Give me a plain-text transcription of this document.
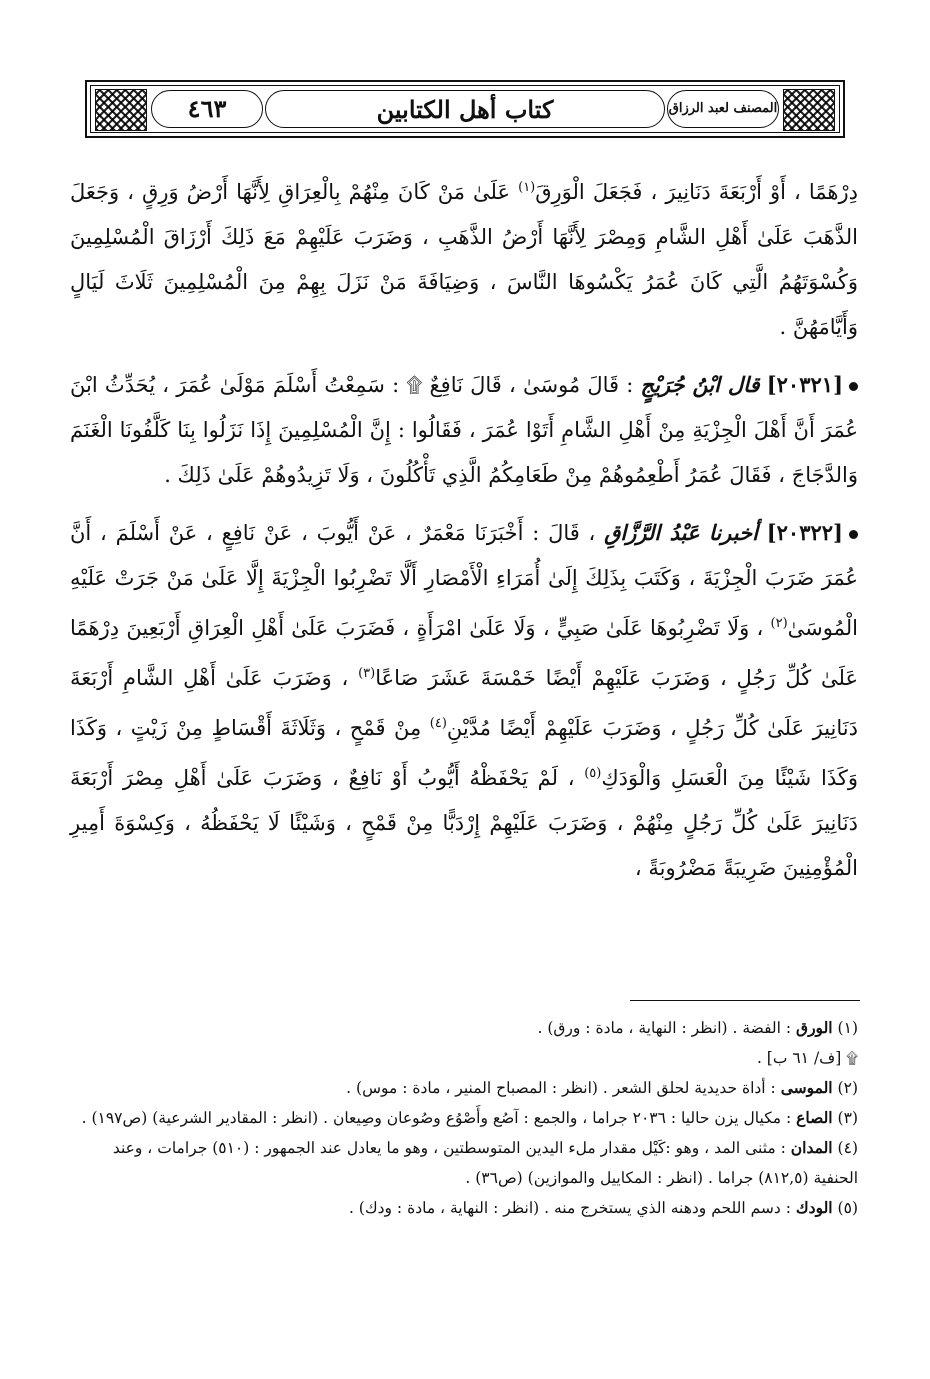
المصنف لعبد الرزاق
كتاب أهل الكتابين
٤٦٣

دِرْهَمًا ، أَوْ أَرْبَعَةَ دَنَانِيرَ ، فَجَعَلَ الْوَرِقَ$^{(١)}$ عَلَىٰ مَنْ كَانَ مِنْهُمْ بِالْعِرَاقِ لِأَنَّهَا أَرْضُ وَرِقٍ ، وَجَعَلَ الذَّهَبَ عَلَىٰ أَهْلِ الشَّامِ وَمِصْرَ لِأَنَّهَا أَرْضُ الذَّهَبِ ، وَضَرَبَ عَلَيْهِمْ مَعَ ذَلِكَ أَرْزَاقَ الْمُسْلِمِينَ وَكُسْوَتَهُمُ الَّتِي كَانَ عُمَرُ يَكْسُوهَا النَّاسَ ، وَضِيَافَةَ مَنْ نَزَلَ بِهِمْ مِنَ الْمُسْلِمِينَ ثَلَاثَ لَيَالٍ وَأَيَّامَهُنَّ .

[٢٠٣٢١] قال ابْنُ جُرَيْجٍ : قَالَ مُوسَىٰ ، قَالَ نَافِعٌ ۩ : سَمِعْتُ أَسْلَمَ مَوْلَىٰ عُمَرَ ، يُحَدِّثُ ابْنَ عُمَرَ أَنَّ أَهْلَ الْجِزْيَةِ مِنْ أَهْلِ الشَّامِ أَتَوْا عُمَرَ ، فَقَالُوا : إِنَّ الْمُسْلِمِينَ إِذَا نَزَلُوا بِنَا كَلَّفُونَا الْغَنَمَ وَالدَّجَاجَ ، فَقَالَ عُمَرُ أَطْعِمُوهُمْ مِنْ طَعَامِكُمُ الَّذِي تَأْكُلُونَ ، وَلَا تَزِيدُوهُمْ عَلَىٰ ذَلِكَ .

[٢٠٣٢٢] أخبرنا عَبْدُ الرَّزَّاقِ ، قَالَ : أَخْبَرَنَا مَعْمَرٌ ، عَنْ أَيُّوبَ ، عَنْ نَافِعٍ ، عَنْ أَسْلَمَ ، أَنَّ عُمَرَ ضَرَبَ الْجِزْيَةَ ، وَكَتَبَ بِذَلِكَ إِلَىٰ أُمَرَاءِ الْأَمْصَارِ أَلَّا تَضْرِبُوا الْجِزْيَةَ إِلَّا عَلَىٰ مَنْ جَرَتْ عَلَيْهِ الْمُوسَىٰ$^{(٢)}$ ، وَلَا تَضْرِبُوهَا عَلَىٰ صَبِيٍّ ، وَلَا عَلَىٰ امْرَأَةٍ ، فَضَرَبَ عَلَىٰ أَهْلِ الْعِرَاقِ أَرْبَعِينَ دِرْهَمًا عَلَىٰ كُلِّ رَجُلٍ ، وَضَرَبَ عَلَيْهِمْ أَيْضًا خَمْسَةَ عَشَرَ صَاعًا$^{(٣)}$ ، وَضَرَبَ عَلَىٰ أَهْلِ الشَّامِ أَرْبَعَةَ دَنَانِيرَ عَلَىٰ كُلِّ رَجُلٍ ، وَضَرَبَ عَلَيْهِمْ أَيْضًا مُدَّيْنِ$^{(٤)}$ مِنْ قَمْحٍ ، وَثَلَاثَةَ أَقْسَاطٍ مِنْ زَيْتٍ ، وَكَذَا وَكَذَا شَيْئًا مِنَ الْعَسَلِ وَالْوَدَكِ$^{(٥)}$ ، لَمْ يَحْفَظْهُ أَيُّوبُ أَوْ نَافِعٌ ، وَضَرَبَ عَلَىٰ أَهْلِ مِصْرَ أَرْبَعَةَ دَنَانِيرَ عَلَىٰ كُلِّ رَجُلٍ مِنْهُمْ ، وَضَرَبَ عَلَيْهِمْ إِرْدَبًّا مِنْ قَمْحٍ ، وَشَيْئًا لَا يَحْفَظُهُ ، وَكِسْوَةَ أَمِيرِ الْمُؤْمِنِينَ ضَرِيبَةً مَضْرُوبَةً ،

(١) الورق : الفضة . (انظر : النهاية ، مادة : ورق) .

۩ [ف/ ٦١ ب] .

(٢) الموسى : أداة حديدية لحلق الشعر . (انظر : المصباح المنير ، مادة : موس) .

(٣) الصاع : مكيال يزن حاليا : ٢٠٣٦ جراما ، والجمع : آصُع وأَصْوُع وصُوعان وصِيعان . (انظر : المقادير الشرعية) (ص١٩٧) .

(٤) المدان : مثنى المد ، وهو :كَيْل مقدار ملء اليدين المتوسطتين ، وهو ما يعادل عند الجمهور : (٥١٠) جرامات ، وعند الحنفية (٨١٢,٥) جراما . (انظر : المكاييل والموازين) (ص٣٦) .

(٥) الودك : دسم اللحم ودهنه الذي يستخرج منه . (انظر : النهاية ، مادة : ودك) .
